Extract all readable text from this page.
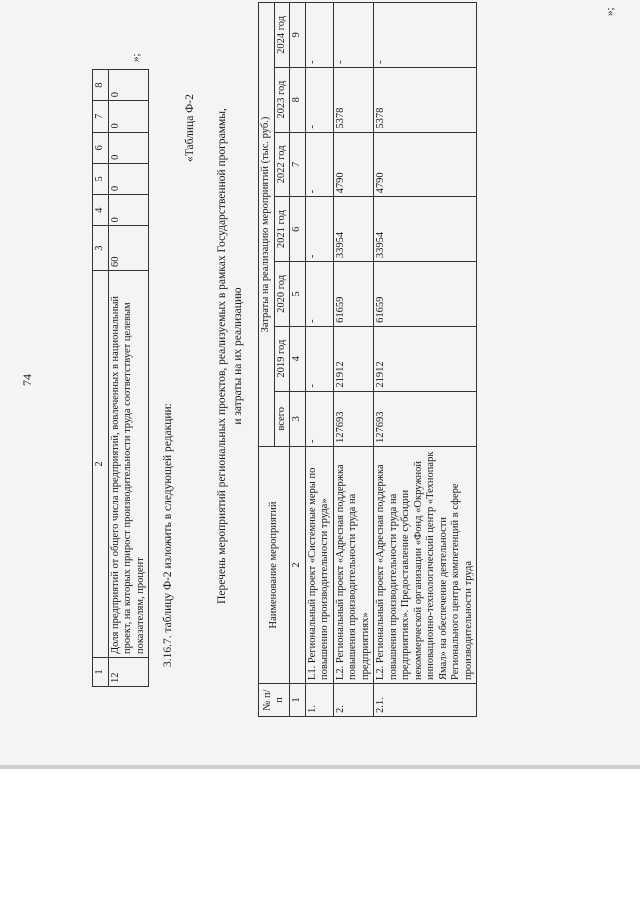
74
1	2	3	4	5	6	7	8
12	Доля предприятий от общего числа предприятий, вовлеченных в национальный проект, на которых прирост производительности труда соответствует целевым показателям, процент	60	0	0	0	0	0
»;
3.16.7. таблицу Ф-2 изложить в следующей редакции:
«Таблица Ф-2 Перечень мероприятий региональных проектов, реализуемых в рамках Государственной программы, и затраты на их реализацию
№ п/п	Наименование мероприятий	Затраты на реализацию мероприятий (тыс. руб.)						
		всего	2019 год	2020 год	2021 год	2022 год	2023 год	2024 год
1	2	3	4	5	6	7	8	9
1.	L1. Региональный проект «Системные меры по повышению производительности труда»	-	-	-	-	-	-	-
2.	L2. Региональный проект «Адресная поддержка повышения производительности труда на предприятиях»	127693	21912	61659	33954	4790	5378	-
2.1.	L2. Региональный проект «Адресная поддержка повышения производительности труда на предприятиях». Предоставление субсидии некоммерческой организации «Фонд «Окружной инновационно-технологический центр «Технопарк Ямал» на обеспечение деятельности Регионального центра компетенций в сфере производительности труда	127693	21912	61659	33954	4790	5378	-
»;
